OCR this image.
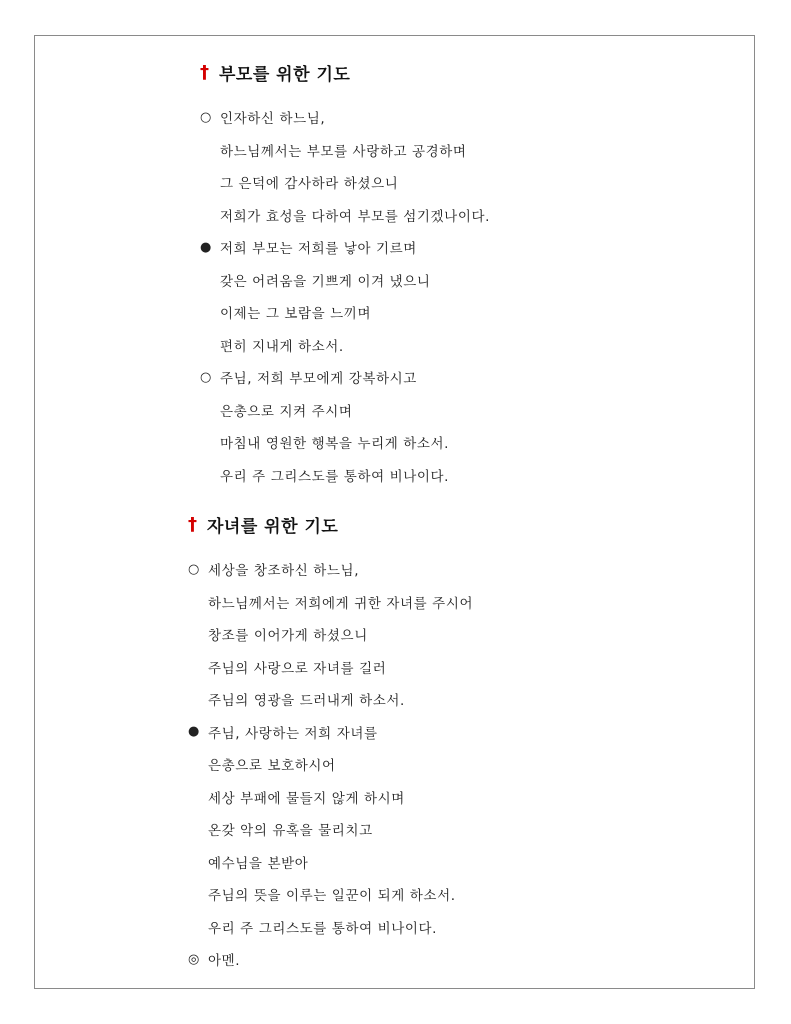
† 부모를 위한 기도
○ 인자하신 하느님,
하느님께서는 부모를 사랑하고 공경하며
그 은덕에 감사하라 하셨으니
저희가 효성을 다하여 부모를 섬기겠나이다.
● 저희 부모는 저희를 낳아 기르며
갖은 어려움을 기쁘게 이겨 냈으니
이제는 그 보람을 느끼며
편히 지내게 하소서.
○ 주님, 저희 부모에게 강복하시고
은총으로 지켜 주시며
마침내 영원한 행복을 누리게 하소서.
우리 주 그리스도를 통하여 비나이다.
† 자녀를 위한 기도
○ 세상을 창조하신 하느님,
하느님께서는 저희에게 귀한 자녀를 주시어
창조를 이어가게 하셨으니
주님의 사랑으로 자녀를 길러
주님의 영광을 드러내게 하소서.
● 주님, 사랑하는 저희 자녀를
은총으로 보호하시어
세상 부패에 물들지 않게 하시며
온갖 악의 유혹을 물리치고
예수님을 본받아
주님의 뜻을 이루는 일꾼이 되게 하소서.
우리 주 그리스도를 통하여 비나이다.
◎ 아멘.
